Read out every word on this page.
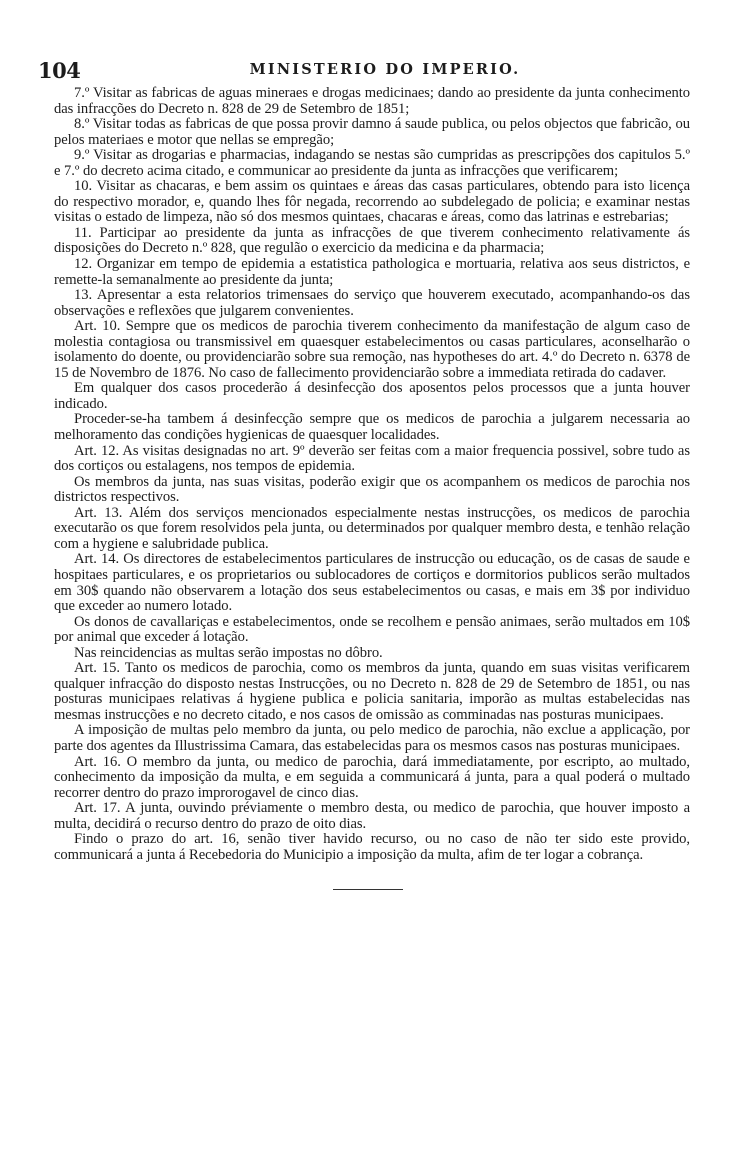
104	MINISTERIO DO IMPERIO.

7.º Visitar as fabricas de aguas mineraes e drogas medicinaes; dando ao presidente da junta conhecimento das infracções do Decreto n. 828 de 29 de Setembro de 1851;

8.º Visitar todas as fabricas de que possa provir damno á saude publica, ou pelos objectos que fabricão, ou pelos materiaes e motor que nellas se empregão;

9.º Visitar as drogarias e pharmacias, indagando se nestas são cumpridas as prescripções dos capitulos 5.º e 7.º do decreto acima citado, e communicar ao presidente da junta as infracções que verificarem;

10. Visitar as chacaras, e bem assim os quintaes e áreas das casas particulares, obtendo para isto licença do respectivo morador, e, quando lhes fôr negada, recorrendo ao subdelegado de policia; e examinar nestas visitas o estado de limpeza, não só dos mesmos quintaes, chacaras e áreas, como das latrinas e estrebarias;

11. Participar ao presidente da junta as infracções de que tiverem conhecimento relativamente ás disposições do Decreto n.º 828, que regulão o exercicio da medicina e da pharmacia;

12. Organizar em tempo de epidemia a estatistica pathologica e mortuaria, relativa aos seus districtos, e remette-la semanalmente ao presidente da junta;

13. Apresentar a esta relatorios trimensaes do serviço que houverem executado, acompanhando-os das observações e reflexões que julgarem convenientes.

Art. 10. Sempre que os medicos de parochia tiverem conhecimento da manifestação de algum caso de molestia contagiosa ou transmissivel em quaesquer estabelecimentos ou casas particulares, aconselharão o isolamento do doente, ou providenciarão sobre sua remoção, nas hypotheses do art. 4.º do Decreto n. 6378 de 15 de Novembro de 1876. No caso de fallecimento providenciarão sobre a immediata retirada do cadaver.

Em qualquer dos casos procederão á desinfecção dos aposentos pelos processos que a junta houver indicado.

Proceder-se-ha tambem á desinfecção sempre que os medicos de parochia a julgarem necessaria ao melhoramento das condições hygienicas de quaesquer localidades.

Art. 12. As visitas designadas no art. 9º deverão ser feitas com a maior frequencia possivel, sobre tudo as dos cortiços ou estalagens, nos tempos de epidemia.

Os membros da junta, nas suas visitas, poderão exigir que os acompanhem os medicos de parochia nos districtos respectivos.

Art. 13. Além dos serviços mencionados especialmente nestas instrucções, os medicos de parochia executarão os que forem resolvidos pela junta, ou determinados por qualquer membro desta, e tenhão relação com a hygiene e salubridade publica.

Art. 14. Os directores de estabelecimentos particulares de instrucção ou educação, os de casas de saude e hospitaes particulares, e os proprietarios ou sublocadores de cortiços e dormitorios publicos serão multados em 30$ quando não observarem a lotação dos seus estabelecimentos ou casas, e mais em 3$ por individuo que exceder ao numero lotado.

Os donos de cavallariças e estabelecimentos, onde se recolhem e pensão animaes, serão multados em 10$ por animal que exceder á lotação.

Nas reincidencias as multas serão impostas no dôbro.

Art. 15. Tanto os medicos de parochia, como os membros da junta, quando em suas visitas verificarem qualquer infracção do disposto nestas Instrucções, ou no Decreto n. 828 de 29 de Setembro de 1851, ou nas posturas municipaes relativas á hygiene publica e policia sanitaria, imporão as multas estabelecidas nas mesmas instrucções e no decreto citado, e nos casos de omissão as comminadas nas posturas municipaes.

A imposição de multas pelo membro da junta, ou pelo medico de parochia, não exclue a applicação, por parte dos agentes da Illustrissima Camara, das estabelecidas para os mesmos casos nas posturas municipaes.

Art. 16. O membro da junta, ou medico de parochia, dará immediatamente, por escripto, ao multado, conhecimento da imposição da multa, e em seguida a communicará á junta, para a qual poderá o multado recorrer dentro do prazo improrogavel de cinco dias.

Art. 17. A junta, ouvindo préviamente o membro desta, ou medico de parochia, que houver imposto a multa, decidirá o recurso dentro do prazo de oito dias.

Findo o prazo do art. 16, senão tiver havido recurso, ou no caso de não ter sido este provido, communicará a junta á Recebedoria do Municipio a imposição da multa, afim de ter logar a cobrança.
